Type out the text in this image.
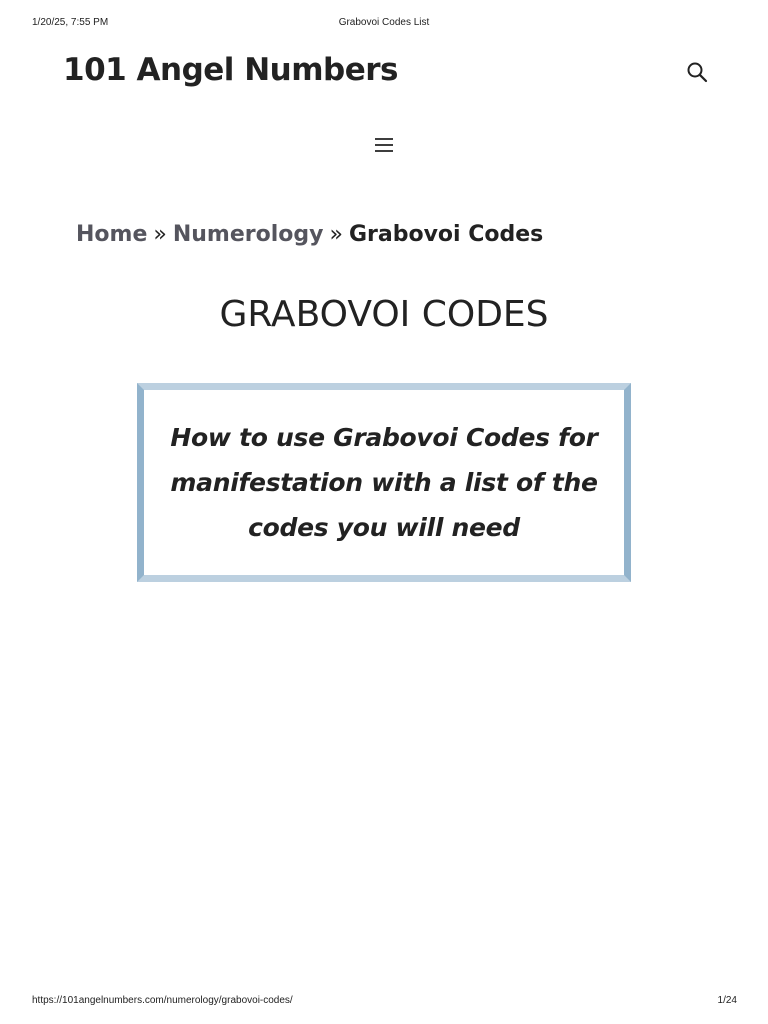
1/20/25, 7:55 PM	Grabovoi Codes List
101 Angel Numbers
Home » Numerology » Grabovoi Codes
GRABOVOI CODES
How to use Grabovoi Codes for manifestation with a list of the codes you will need
https://101angelnumbers.com/numerology/grabovoi-codes/	1/24
